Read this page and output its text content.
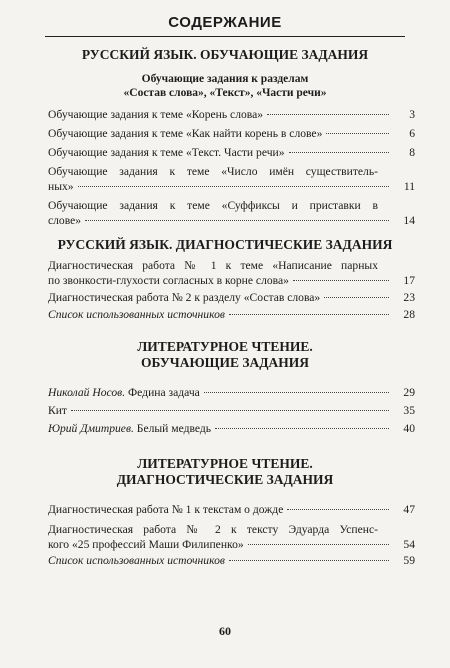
СОДЕРЖАНИЕ
РУССКИЙ ЯЗЫК. ОБУЧАЮЩИЕ ЗАДАНИЯ
Обучающие задания к разделам
«Состав слова», «Текст», «Части речи»
Обучающие задания к теме «Корень слова»	3
Обучающие задания к теме «Как найти корень в слове»	6
Обучающие задания к теме «Текст. Части речи»	8
Обучающие задания к теме «Число имён существитель-
ных»	11
Обучающие задания к теме «Суффиксы и приставки в
слове»	14
РУССКИЙ ЯЗЫК. ДИАГНОСТИЧЕСКИЕ ЗАДАНИЯ
Диагностическая работа № 1 к теме «Написание парных
по звонкости-глухости согласных в корне слова»	17
Диагностическая работа № 2 к разделу «Состав слова»	23
Список использованных источников	28
ЛИТЕРАТУРНОЕ ЧТЕНИЕ.
ОБУЧАЮЩИЕ ЗАДАНИЯ
Николай Носов.
Федина задача	29
Кит	35
Юрий Дмитриев.
Белый медведь	40
ЛИТЕРАТУРНОЕ ЧТЕНИЕ.
ДИАГНОСТИЧЕСКИЕ ЗАДАНИЯ
Диагностическая работа № 1 к текстам о дожде	47
Диагностическая работа № 2 к тексту Эдуарда Успенс-
кого «25 профессий Маши Филипенко»	54
Список использованных источников	59
60
